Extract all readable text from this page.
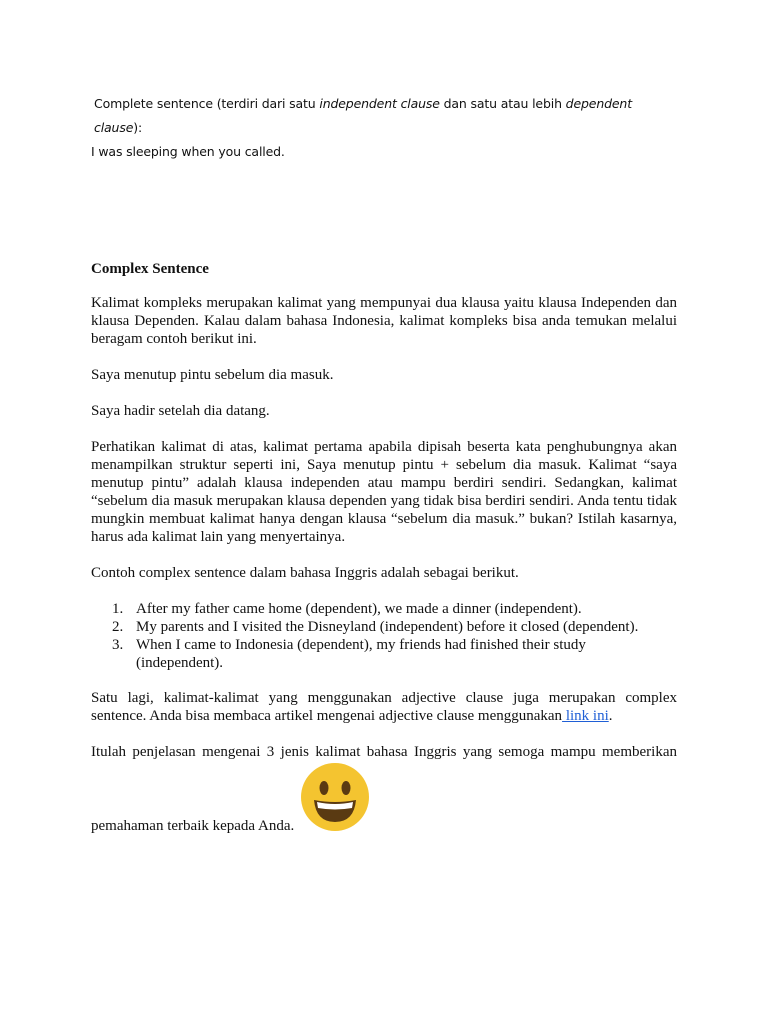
Complete sentence (terdiri dari satu independent clause dan satu atau lebih dependent clause):
I was sleeping when you called.
Complex Sentence
Kalimat kompleks merupakan kalimat yang mempunyai dua klausa yaitu klausa Independen dan klausa Dependen. Kalau dalam bahasa Indonesia, kalimat kompleks bisa anda temukan melalui beragam contoh berikut ini.
Saya menutup pintu sebelum dia masuk.
Saya hadir setelah dia datang.
Perhatikan kalimat di atas, kalimat pertama apabila dipisah beserta kata penghubungnya akan menampilkan struktur seperti ini, Saya menutup pintu + sebelum dia masuk. Kalimat “saya menutup pintu” adalah klausa independen atau mampu berdiri sendiri. Sedangkan, kalimat “sebelum dia masuk merupakan klausa dependen yang tidak bisa berdiri sendiri. Anda tentu tidak mungkin membuat kalimat hanya dengan klausa “sebelum dia masuk.” bukan? Istilah kasarnya, harus ada kalimat lain yang menyertainya.
Contoh complex sentence dalam bahasa Inggris adalah sebagai berikut.
1. After my father came home (dependent), we made a dinner (independent).
2. My parents and I visited the Disneyland (independent) before it closed (dependent).
3. When I came to Indonesia (dependent), my friends had finished their study (independent).
Satu lagi, kalimat-kalimat yang menggunakan adjective clause juga merupakan complex sentence. Anda bisa membaca artikel mengenai adjective clause menggunakan link ini.
Itulah penjelasan mengenai 3 jenis kalimat bahasa Inggris yang semoga mampu memberikan
pemahaman terbaik kepada Anda.
